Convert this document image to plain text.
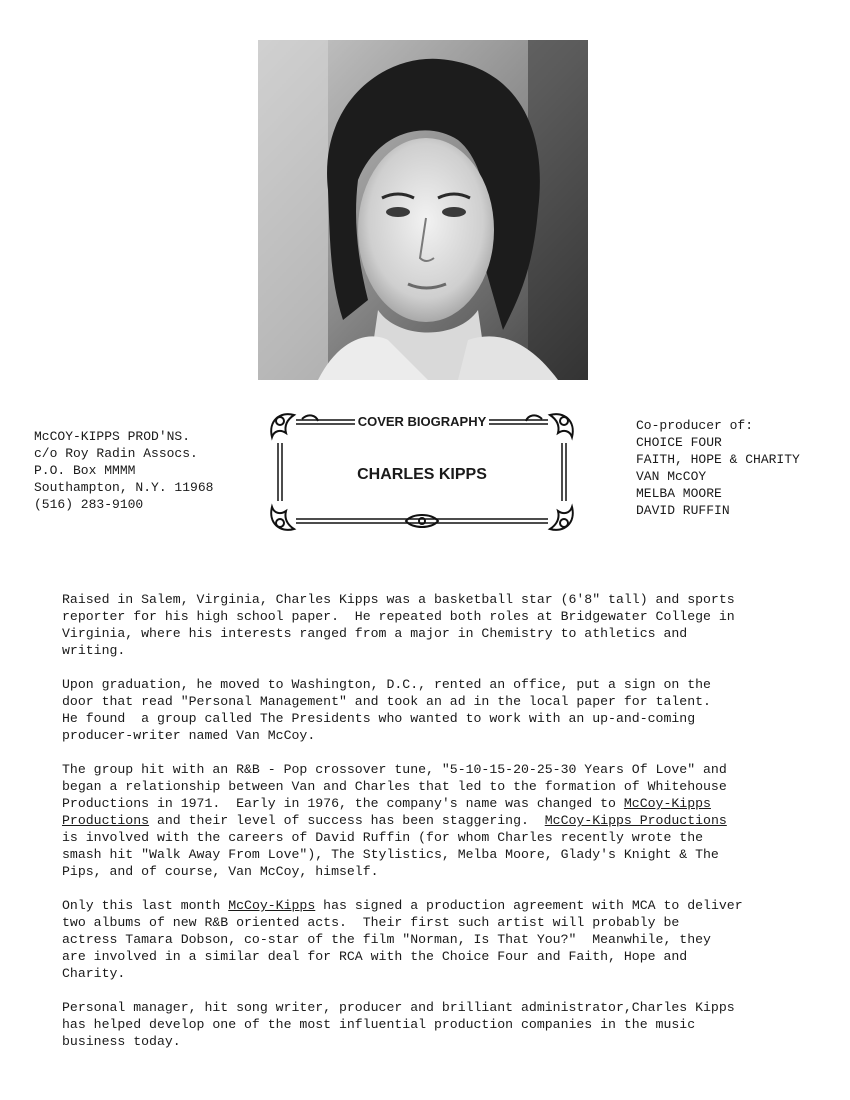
McCOY-KIPPS PROD'NS.
c/o Roy Radin Assocs.
P.O. Box MMMM
Southampton, N.Y. 11968
(516) 283-9100
COVER BIOGRAPHY
CHARLES KIPPS
Co-producer of:
CHOICE FOUR
FAITH, HOPE & CHARITY
VAN McCOY
MELBA MOORE
DAVID RUFFIN

Raised in Salem, Virginia, Charles Kipps was a basketball star (6'8" tall) and sports
reporter for his high school paper.  He repeated both roles at Bridgewater College in
Virginia, where his interests ranged from a major in Chemistry to athletics and
writing.

Upon graduation, he moved to Washington, D.C., rented an office, put a sign on the
door that read "Personal Management" and took an ad in the local paper for talent.
He found  a group called The Presidents who wanted to work with an up-and-coming
producer-writer named Van McCoy.

The group hit with an R&B - Pop crossover tune, "5-10-15-20-25-30 Years Of Love" and
began a relationship between Van and Charles that led to the formation of Whitehouse
Productions in 1971.  Early in 1976, the company's name was changed to McCoy-Kipps
Productions and their level of success has been staggering.  McCoy-Kipps Productions
is involved with the careers of David Ruffin (for whom Charles recently wrote the
smash hit "Walk Away From Love"), The Stylistics, Melba Moore, Glady's Knight & The
Pips, and of course, Van McCoy, himself.

Only this last month McCoy-Kipps has signed a production agreement with MCA to deliver
two albums of new R&B oriented acts.  Their first such artist will probably be
actress Tamara Dobson, co-star of the film "Norman, Is That You?"  Meanwhile, they
are involved in a similar deal for RCA with the Choice Four and Faith, Hope and
Charity.

Personal manager, hit song writer, producer and brilliant administrator,Charles Kipps
has helped develop one of the most influential production companies in the music
business today.
